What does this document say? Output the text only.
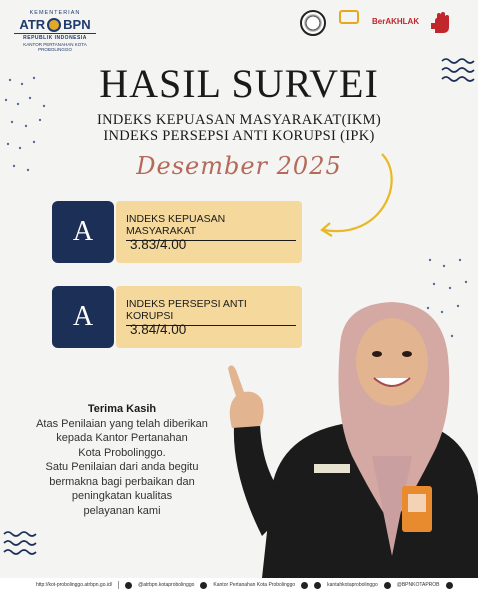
KEMENTERIAN
ATR BPN
REPUBLIK INDONESIA
KANTOR PERTANAHAN KOTA PROBOLINGGO
BerAKHLAK

HASIL SURVEI
INDEKS KEPUASAN MASYARAKAT(IKM)
INDEKS PERSEPSI ANTI KORUPSI (IPK)
Desember 2025
A	INDEKS KEPUASAN MASYARAKAT
3.83/4.00
A	INDEKS PERSEPSI ANTI KORUPSI
3.84/4.00
Terima Kasih
Atas Penilaian yang telah diberikan
kepada Kantor Pertanahan
Kota Probolinggo.
Satu Penilaian dari anda begitu
bermakna bagi perbaikan dan
peningkatan kualitas
pelayanan kami
http://kot-probolinggo.atrbpn.go.id/	@atrbpn.kotaprobolinggo	Kantor Pertanahan Kota Probolinggo	kantahkotaprobolinggo	@BPNKOTAPROB
